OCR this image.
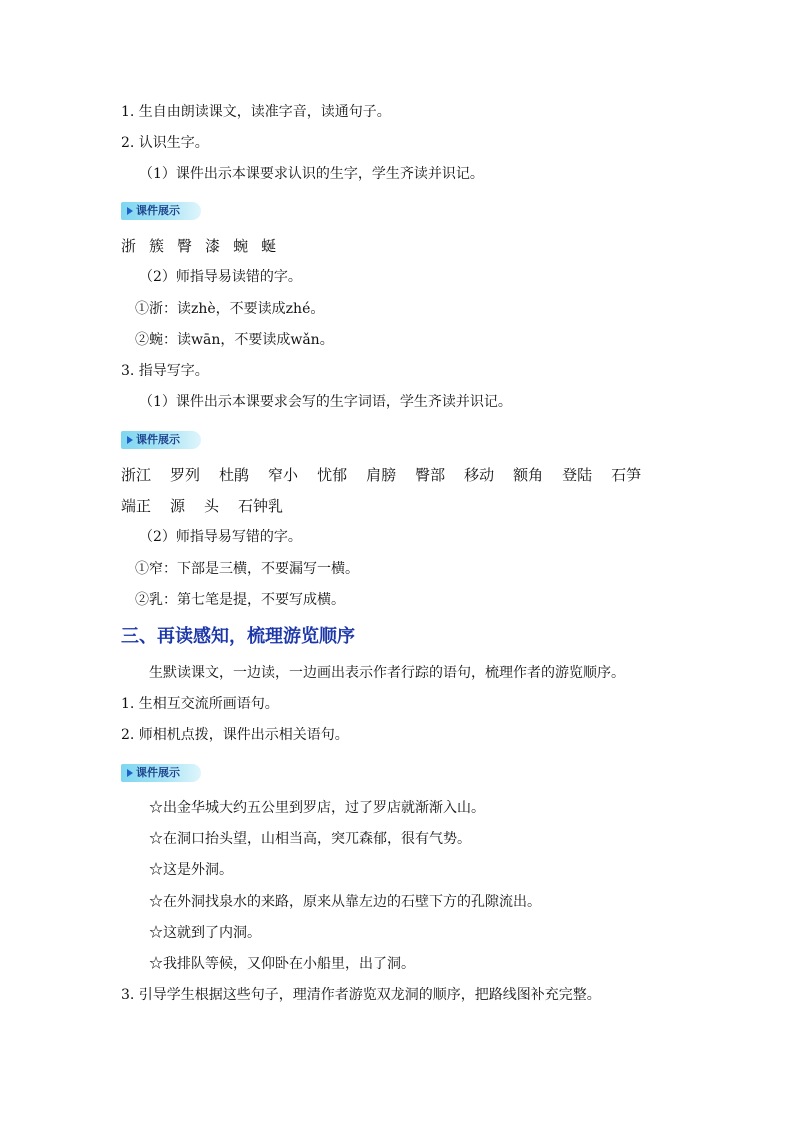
1. 生自由朗读课文，读准字音，读通句子。
2. 认识生字。
（1）课件出示本课要求认识的生字，学生齐读并识记。
课件展示
浙 簇 臀 漆 蜿 蜒
（2）师指导易读错的字。
①浙：读zhè，不要读成zhé。
②蜿：读wān，不要读成wǎn。
3. 指导写字。
（1）课件出示本课要求会写的生字词语，学生齐读并识记。
课件展示
浙江 罗列 杜鹃 窄小 忧郁 肩膀 臀部 移动 额角 登陆 石笋
端正 源 头 石钟乳
（2）师指导易写错的字。
①窄：下部是三横，不要漏写一横。
②乳：第七笔是提，不要写成横。
三、再读感知，梳理游览顺序
生默读课文，一边读，一边画出表示作者行踪的语句，梳理作者的游览顺序。
1. 生相互交流所画语句。
2. 师相机点拨，课件出示相关语句。
课件展示
☆出金华城大约五公里到罗店，过了罗店就渐渐入山。
☆在洞口抬头望，山相当高，突兀森郁，很有气势。
☆这是外洞。
☆在外洞找泉水的来路，原来从靠左边的石壁下方的孔隙流出。
☆这就到了内洞。
☆我排队等候，又仰卧在小船里，出了洞。
3. 引导学生根据这些句子，理清作者游览双龙洞的顺序，把路线图补充完整。
